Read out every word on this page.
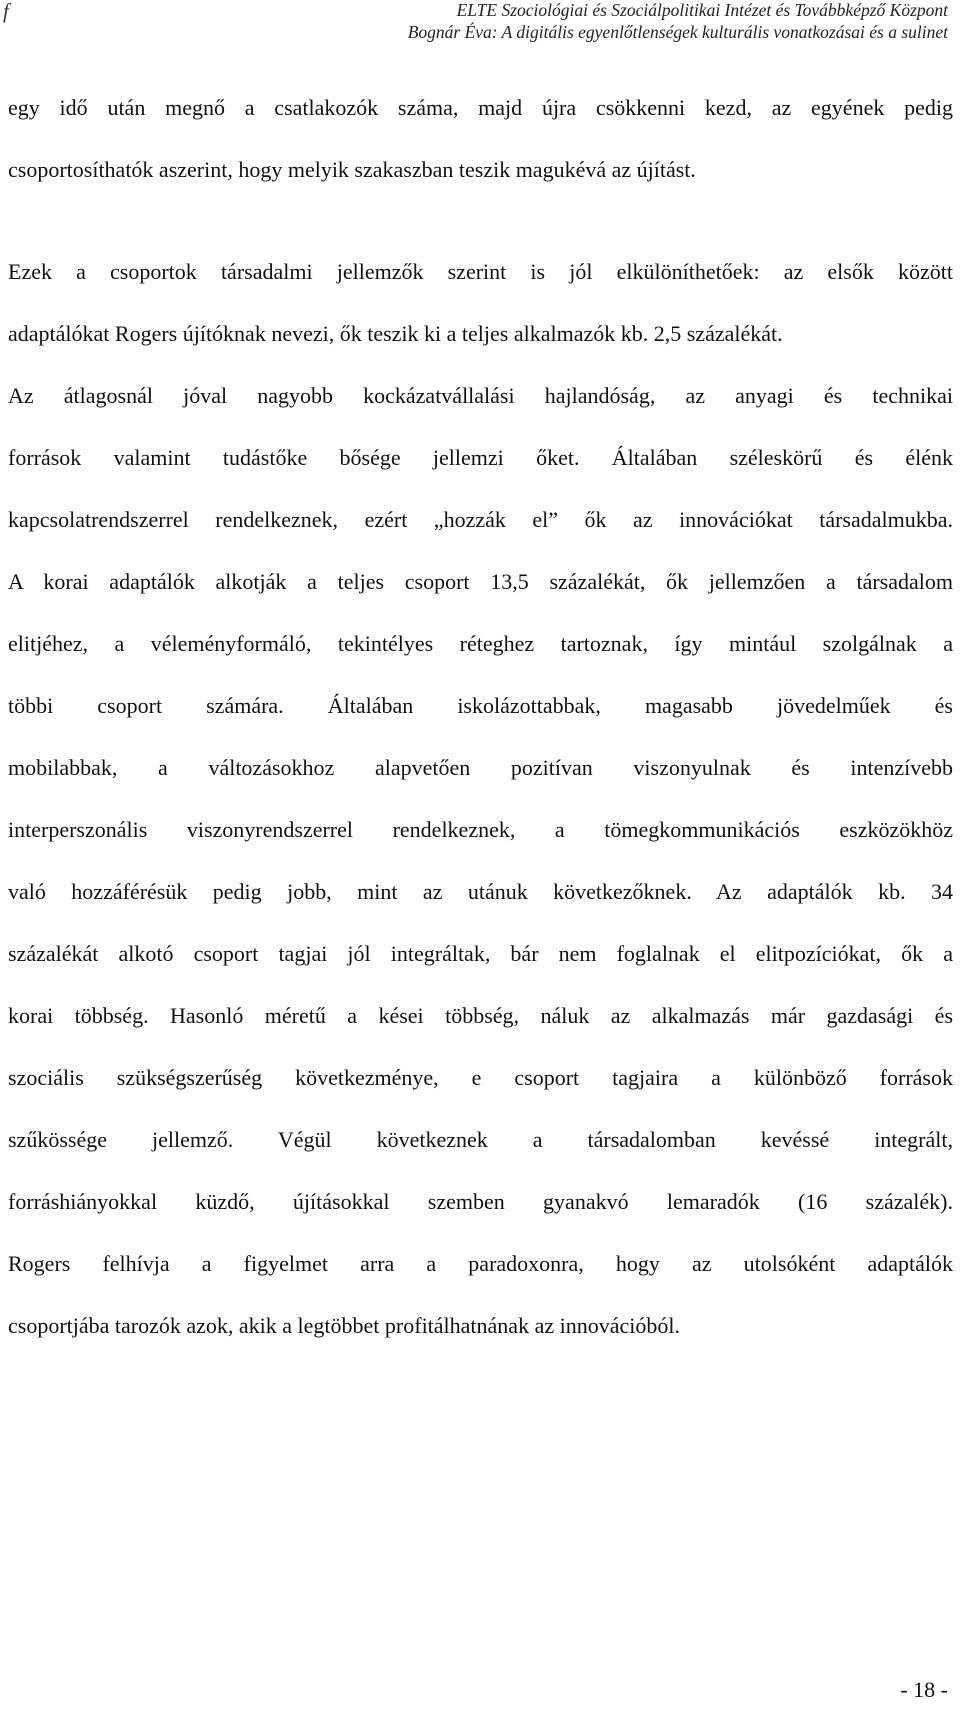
f	ELTE Szociológiai és Szociálpolitikai Intézet és Továbbképző Központ
Bognár Éva: A digitális egyenlőtlenségek kulturális vonatkozásai és a sulinet
egy idő után megnő a csatlakozók száma, majd újra csökkenni kezd, az egyének pedig
csoportosíthatók aszerint, hogy melyik szakaszban teszik magukévá az újítást.
Ezek a csoportok társadalmi jellemzők szerint is jól elkülöníthetőek: az elsők között
adaptálókat Rogers újítóknak nevezi, ők teszik ki a teljes alkalmazók kb. 2,5 százalékát.
Az átlagosnál jóval nagyobb kockázatvállalási hajlandóság, az anyagi és technikai
források valamint tudástőke bősége jellemzi őket. Általában széleskörű és élénk
kapcsolatrendszerrel rendelkeznek, ezért „hozzák el” ők az innovációkat társadalmukba.
A korai adaptálók alkotják a teljes csoport 13,5 százalékát, ők jellemzően a társadalom
elitjéhez, a véleményformáló, tekintélyes réteghez tartoznak, így mintául szolgálnak a
többi csoport számára. Általában iskolázottabbak, magasabb jövedelműek és
mobilabbak, a változásokhoz alapvetően pozitívan viszonyulnak és intenzívebb
interperszonális viszonyrendszerrel rendelkeznek, a tömegkommunikációs eszközökhöz
való hozzáférésük pedig jobb, mint az utánuk következőknek. Az adaptálók kb. 34
százalékát alkotó csoport tagjai jól integráltak, bár nem foglalnak el elitpozíciókat, ők a
korai többség. Hasonló méretű a kései többség, náluk az alkalmazás már gazdasági és
szociális szükségszerűség következménye, e csoport tagjaira a különböző források
szűkössége jellemző. Végül következnek a társadalomban kevéssé integrált,
forráshiányokkal küzdő, újításokkal szemben gyanakvó lemaradók (16 százalék).
Rogers felhívja a figyelmet arra a paradoxonra, hogy az utolsóként adaptálók
csoportjába tarozók azok, akik a legtöbbet profitálhatnának az innovációból.
- 18 -
